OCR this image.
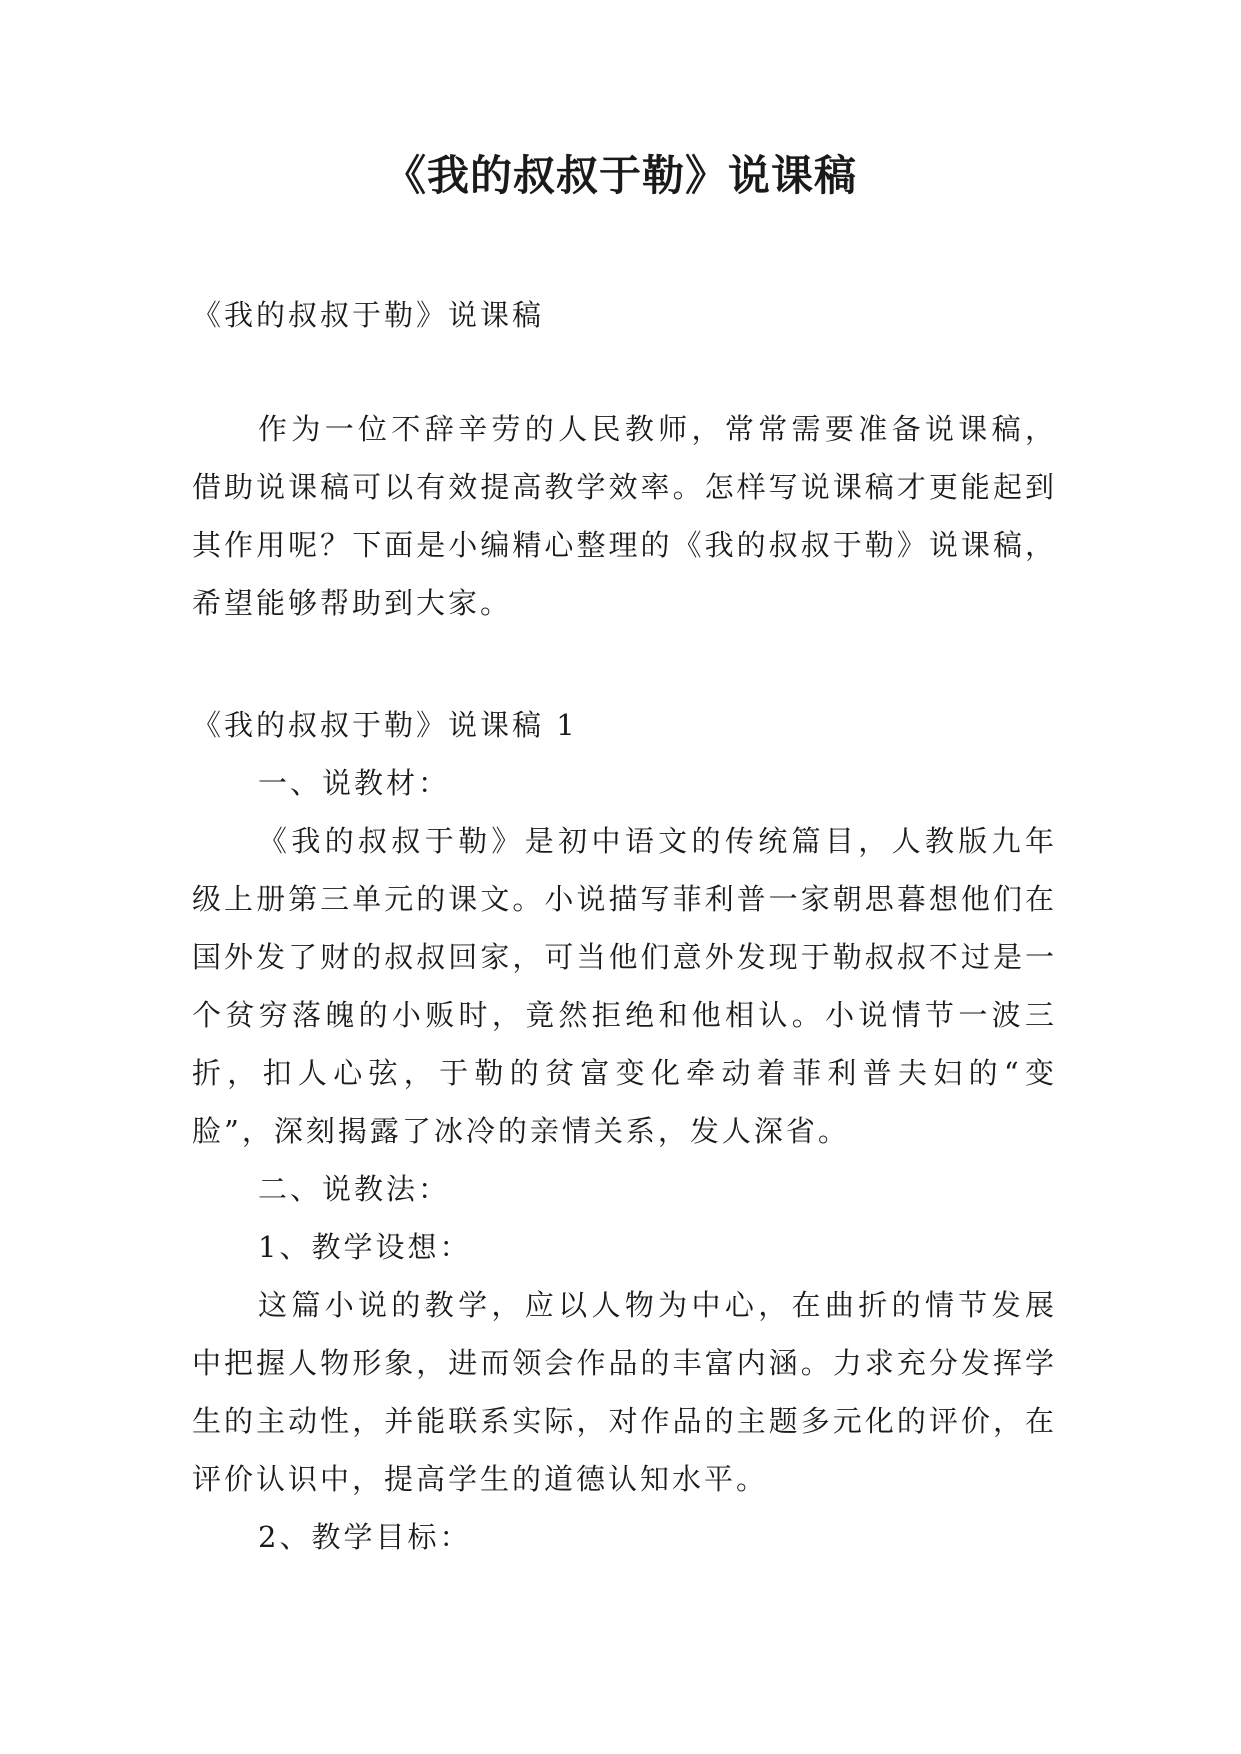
《我的叔叔于勒》说课稿
《我的叔叔于勒》说课稿
作为一位不辞辛劳的人民教师，常常需要准备说课稿，借助说课稿可以有效提高教学效率。怎样写说课稿才更能起到其作用呢？下面是小编精心整理的《我的叔叔于勒》说课稿，希望能够帮助到大家。

《我的叔叔于勒》说课稿 1

一、说教材：

《我的叔叔于勒》是初中语文的传统篇目，人教版九年级上册第三单元的课文。小说描写菲利普一家朝思暮想他们在国外发了财的叔叔回家，可当他们意外发现于勒叔叔不过是一个贫穷落魄的小贩时，竟然拒绝和他相认。小说情节一波三折，扣人心弦，于勒的贫富变化牵动着菲利普夫妇的“变脸”，深刻揭露了冰冷的亲情关系，发人深省。

二、说教法：

1、教学设想：

这篇小说的教学，应以人物为中心，在曲折的情节发展中把握人物形象，进而领会作品的丰富内涵。力求充分发挥学生的主动性，并能联系实际，对作品的主题多元化的评价，在评价认识中，提高学生的道德认知水平。

2、教学目标：
